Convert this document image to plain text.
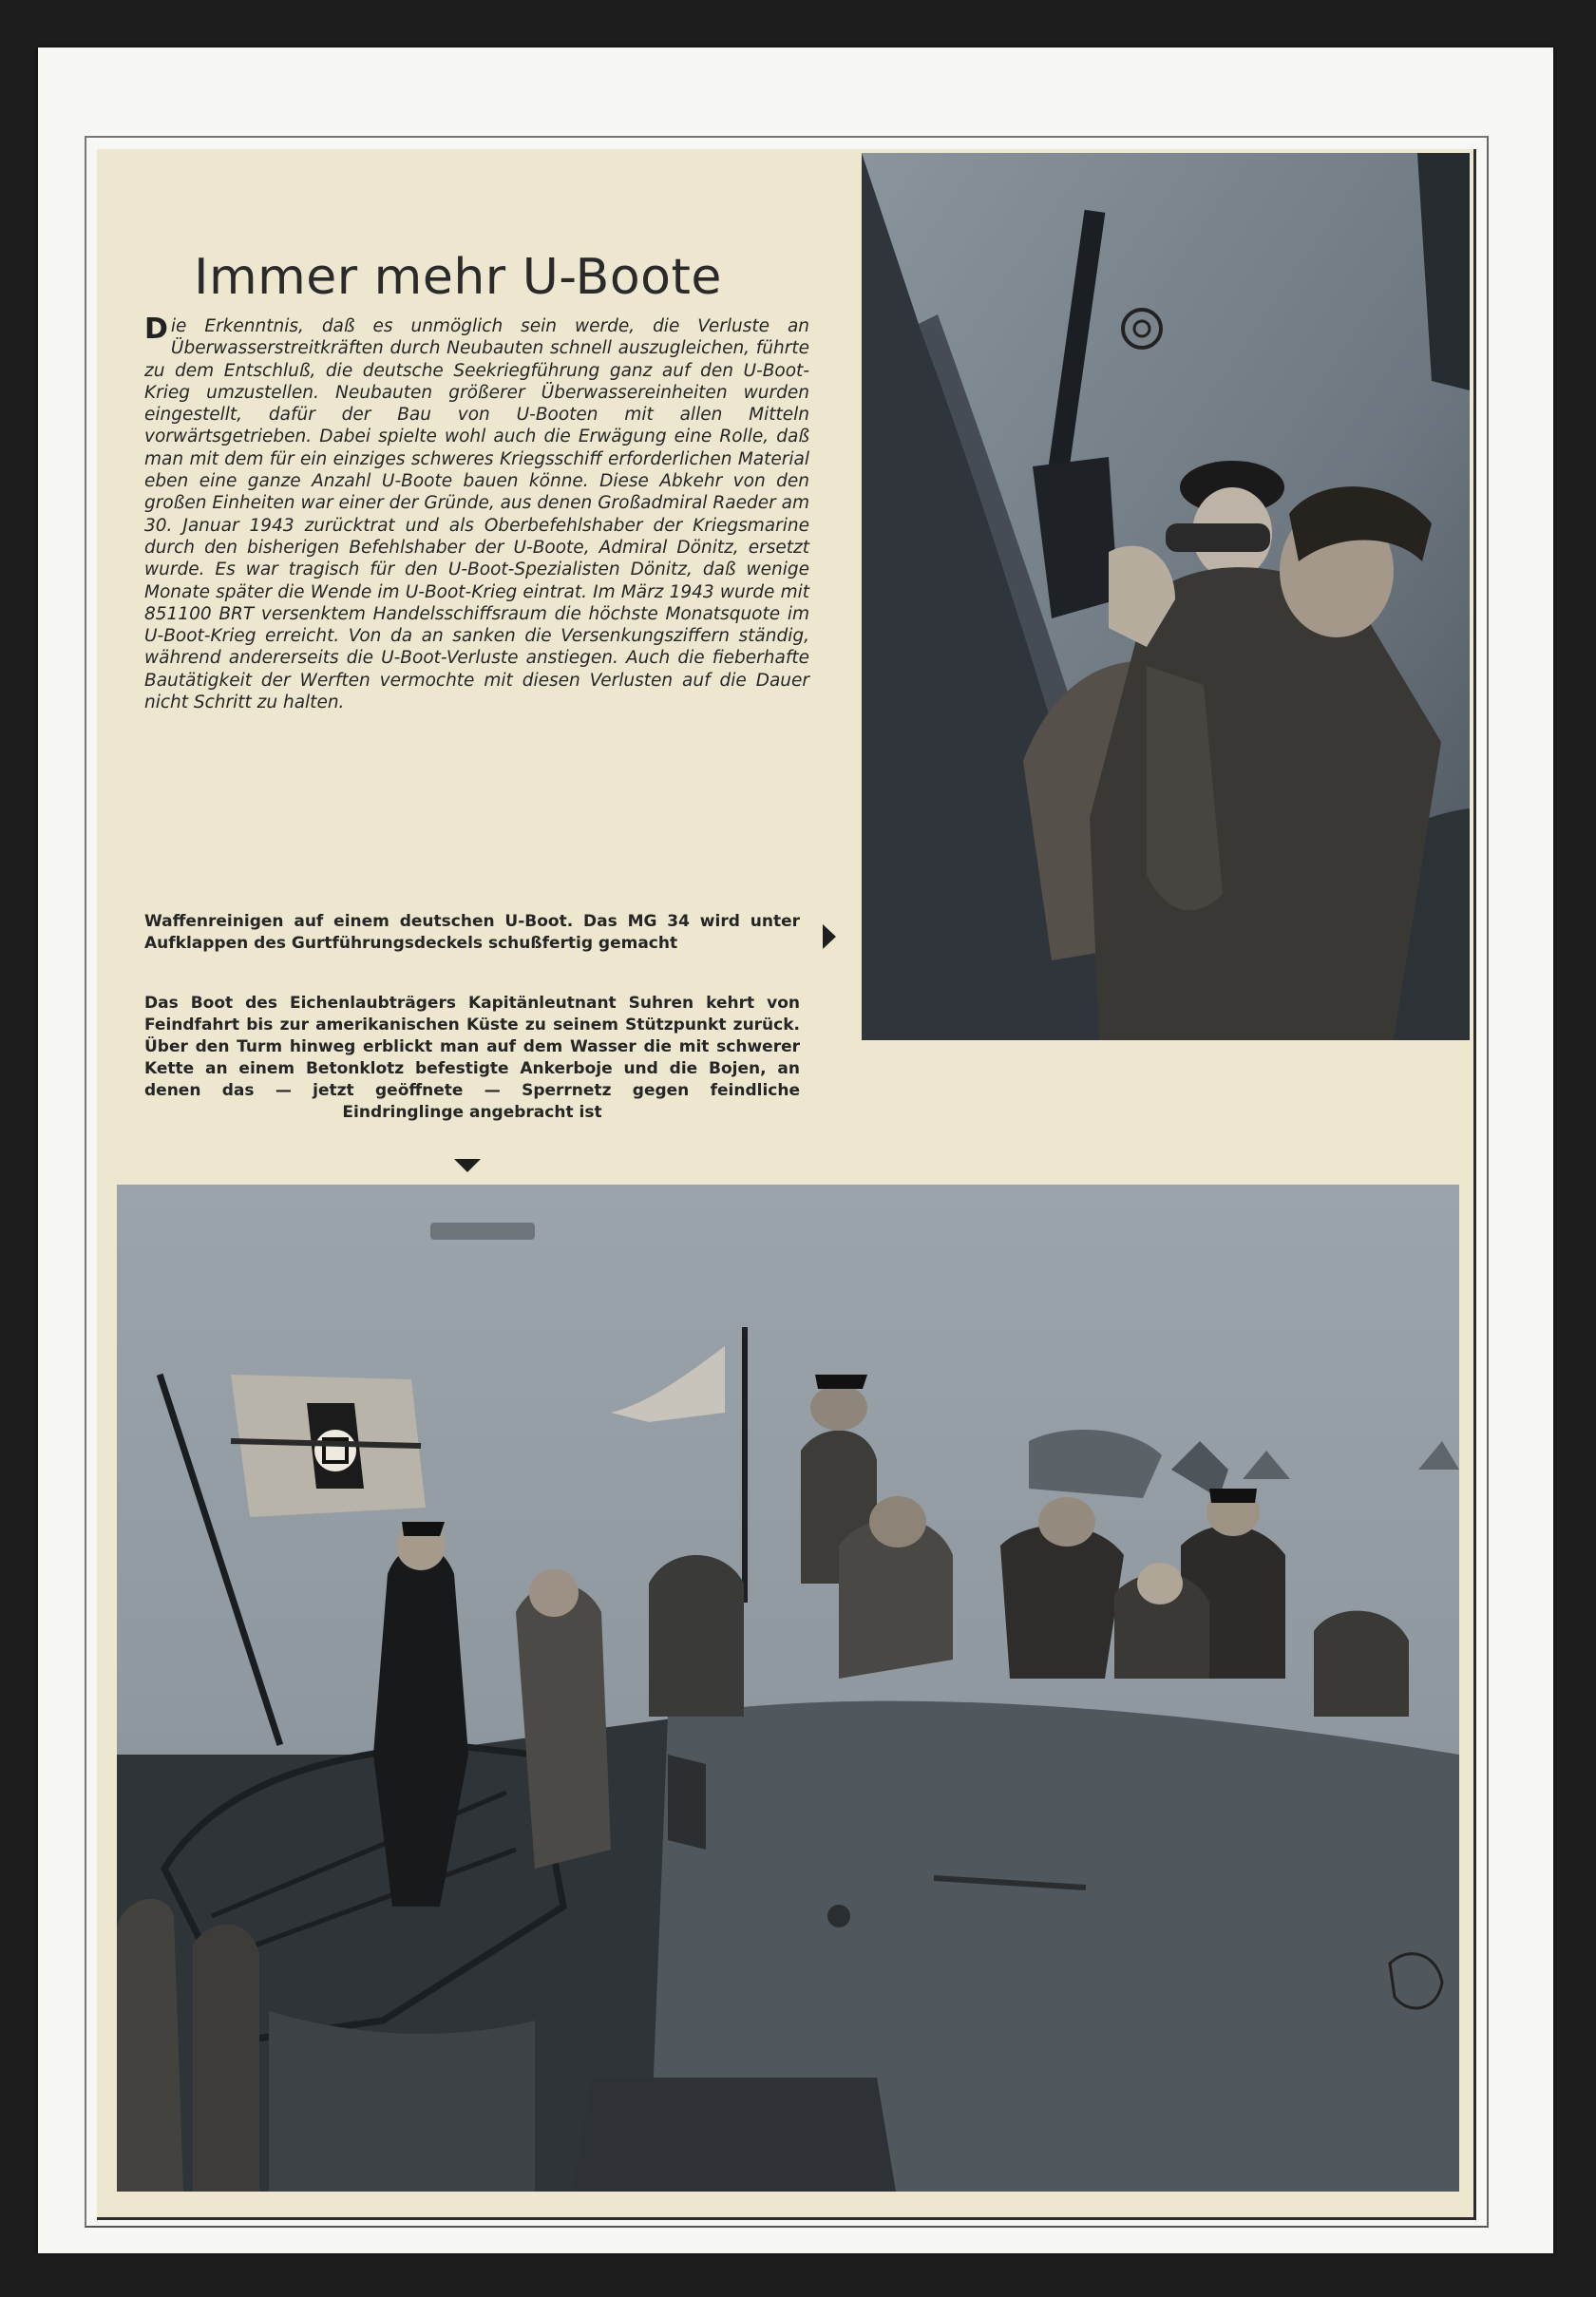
Immer mehr U-Boote

Die Erkenntnis, daß es unmöglich sein werde, die Verluste an Überwasserstreitkräften durch Neubauten schnell auszugleichen, führte zu dem Entschluß, die deutsche Seekriegführung ganz auf den U-Boot-Krieg umzustellen. Neubauten größerer Überwassereinheiten wurden eingestellt, dafür der Bau von U-Booten mit allen Mitteln vorwärtsgetrieben. Dabei spielte wohl auch die Erwägung eine Rolle, daß man mit dem für ein einziges schweres Kriegsschiff erforderlichen Material eben eine ganze Anzahl U-Boote bauen könne. Diese Abkehr von den großen Einheiten war einer der Gründe, aus denen Großadmiral Raeder am 30. Januar 1943 zurücktrat und als Oberbefehlshaber der Kriegsmarine durch den bisherigen Befehlshaber der U-Boote, Admiral Dönitz, ersetzt wurde. Es war tragisch für den U-Boot-Spezialisten Dönitz, daß wenige Monate später die Wende im U-Boot-Krieg eintrat. Im März 1943 wurde mit 851100 BRT versenktem Handelsschiffsraum die höchste Monatsquote im U-Boot-Krieg erreicht. Von da an sanken die Versenkungsziffern ständig, während andererseits die U-Boot-Verluste anstiegen. Auch die fieberhafte Bautätigkeit der Werften vermochte mit diesen Verlusten auf die Dauer nicht Schritt zu halten.

Waffenreinigen auf einem deutschen U-Boot. Das MG 34 wird unter Aufklappen des Gurtführungsdeckels schußfertig gemacht

Das Boot des Eichenlaubträgers Kapitänleutnant Suhren kehrt von Feindfahrt bis zur amerikanischen Küste zu seinem Stützpunkt zurück. Über den Turm hinweg erblickt man auf dem Wasser die mit schwerer Kette an einem Betonklotz befestigte Ankerboje und die Bojen, an denen das — jetzt geöffnete — Sperrnetz gegen feindliche Eindringlinge angebracht ist
